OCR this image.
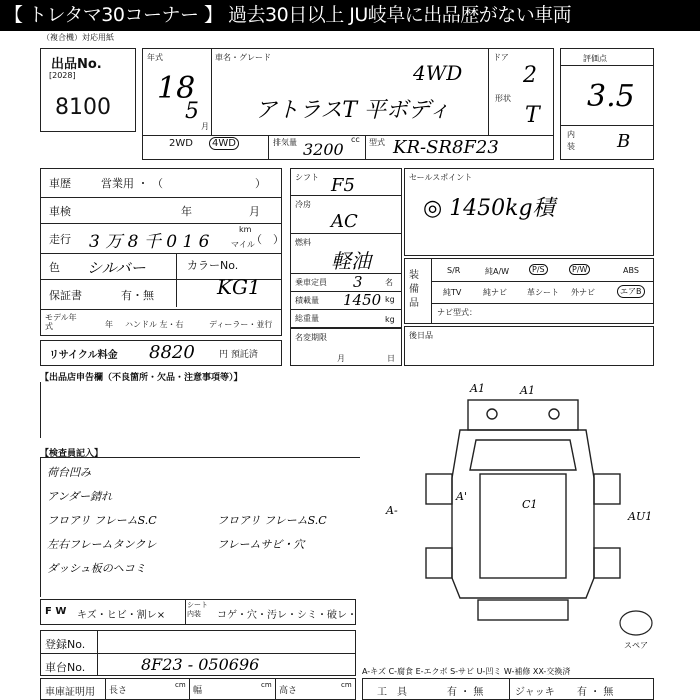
【 トレタマ30コーナー 】 過去30日以上 JU岐阜に出品歴がない車両
（複合機）対応用紙
出品No.
[2028]
8100
年式
18
5
月
車名・グレード
4WD
アトラスT 平ボディ
ドア
2
形状
T
2WD	4WD	排気量	cc
3200	型式 KR-SR8F23
評価点
3.5
内装 B
車歴	営業用 ・ （	）
車検	年	月
走行 3 万 8 千 0 1 6
km
マイル
（　）
色 シルバー	カラーNo.
KG1
保証書	有・無
モデル年式	年 ハンドル 左・右	ディーラー・並行
リサイクル料金 8820	円 預託済
【出品店申告欄（不良箇所・欠品・注意事項等）】
シフト F5
冷房
AC
燃料
軽油
乗車定員 3	名
積載量 1450 kg
総重量	kg
名変期限
月	日
セールスポイント
◎ 1450kg積
装備品
S/R	純A/W	P/S	P/W	ABS
純TV	純ナビ	革シート 外ナビ	エアB
ナビ型式：
後日品
【検査員記入】
荷台凹み
アンダー錆れ
フロアリ フレームS.C
左右フレームタンクレ
ダッシュ板のヘコミ
フロアリ フレームS.C
フレームサビ・穴
A1	A1
A'
C1
A-	AU1
スペア
F W キズ・ヒビ・割レ×
シート内装	コゲ・穴・汚レ・シミ・破レ・
登録No.
車台No.	8F23 - 050696	A-キズ C-腐食 E-エクボ S-サビ U-凹ミ W-補修 XX-交換済
車庫証明用 長さ
cm
幅
cm
高さ
cm
工　具	有 ・ 無	ジャッキ 有 ・ 無
